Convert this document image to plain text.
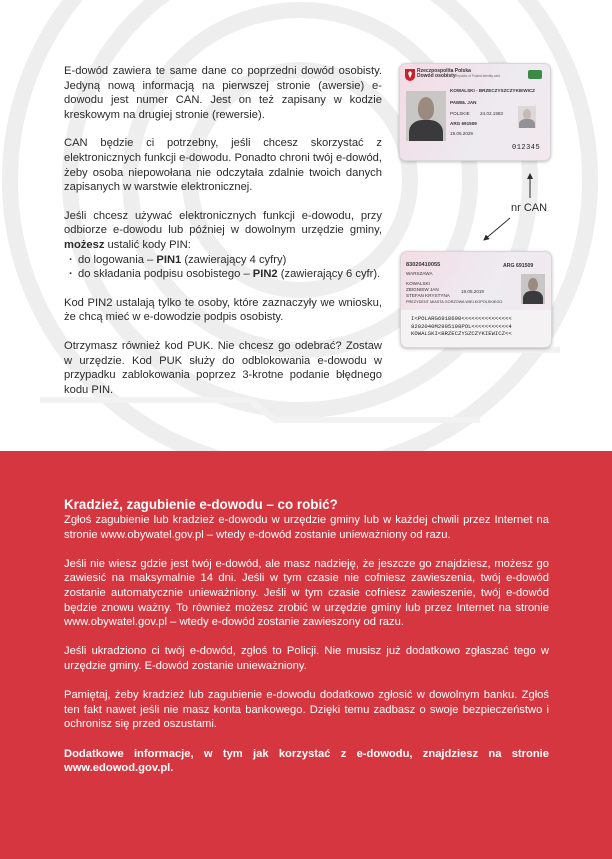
E-dowód zawiera te same dane co poprzedni dowód osobisty. Jedyną nową informacją na pierwszej stronie (awersie) e-dowodu jest numer CAN. Jest on też zapisany w kodzie kreskowym na drugiej stronie (rewersie).

CAN będzie ci potrzebny, jeśli chcesz skorzystać z elektronicznych funkcji e-dowodu. Ponadto chroni twój e-dowód, żeby osoba niepowołana nie odczytała zdalnie twoich danych zapisanych w warstwie elektronicznej.

Jeśli chcesz używać elektronicznych funkcji e-dowodu, przy odbiorze e-dowodu lub później w dowolnym urzędzie gminy, możesz ustalić kody PIN:

· do logowania – PIN1 (zawierający 4 cyfry)
· do składania podpisu osobistego – PIN2 (zawierający 6 cyfr).

Kod PIN2 ustalają tylko te osoby, które zaznaczyły we wniosku, że chcą mieć w e-dowodzie podpis osobisty.

Otrzymasz również kod PUK. Nie chcesz go odebrać? Zostaw w urzędzie. Kod PUK służy do odblokowania e-dowodu w przypadku zablokowania poprzez 3-krotne podanie błędnego kodu PIN.

Rzeczpospolita Polska
Dowód osobisty Republic of Poland Identity card
KOWALSKI - BRZECZYSZCZYKIEWICZ
PAWEŁ JAN
POLSKIE 24.02.1983
ARG 691509
19.05.2029
012345
nr CAN
83020410055
WARSZAWA
ARG 691509
KOWALSKI
ZBIGNIEW JAN
STEFAN KRYSTYNA
19.05.2019
PREZYDENT MIASTA GORZOWA WIELKOPOLSKIEGO
I<POLARG6918690<<<<<<<<<<<<<<<
8202040M2905198POL<<<<<<<<<<<4
KOWALSKI<BRZECZYSZCZYKIEWICZ<<
Kradzież, zagubienie e-dowodu – co robić?

Zgłoś zagubienie lub kradzież e-dowodu w urzędzie gminy lub w każdej chwili przez Internet na stronie www.obywatel.gov.pl – wtedy e-dowód zostanie unieważniony od razu.

Jeśli nie wiesz gdzie jest twój e-dowód, ale masz nadzieję, że jeszcze go znajdziesz, możesz go zawiesić na maksymalnie 14 dni. Jeśli w tym czasie nie cofniesz zawieszenia, twój e-dowód zostanie automatycznie unieważniony. Jeśli w tym czasie cofniesz zawieszenie, twój e-dowód będzie znowu ważny. To również możesz zrobić w urzędzie gminy lub przez Internet na stronie www.obywatel.gov.pl – wtedy e-dowód zostanie zawieszony od razu.

Jeśli ukradziono ci twój e-dowód, zgłoś to Policji. Nie musisz już dodatkowo zgłaszać tego w urzędzie gminy. E-dowód zostanie unieważniony.

Pamiętaj, żeby kradzież lub zagubienie e-dowodu dodatkowo zgłosić w dowolnym banku. Zgłoś ten fakt nawet jeśli nie masz konta bankowego. Dzięki temu zadbasz o swoje bezpieczeństwo i ochronisz się przed oszustami.

Dodatkowe informacje, w tym jak korzystać z e-dowodu, znajdziesz na stronie www.edowod.gov.pl.
